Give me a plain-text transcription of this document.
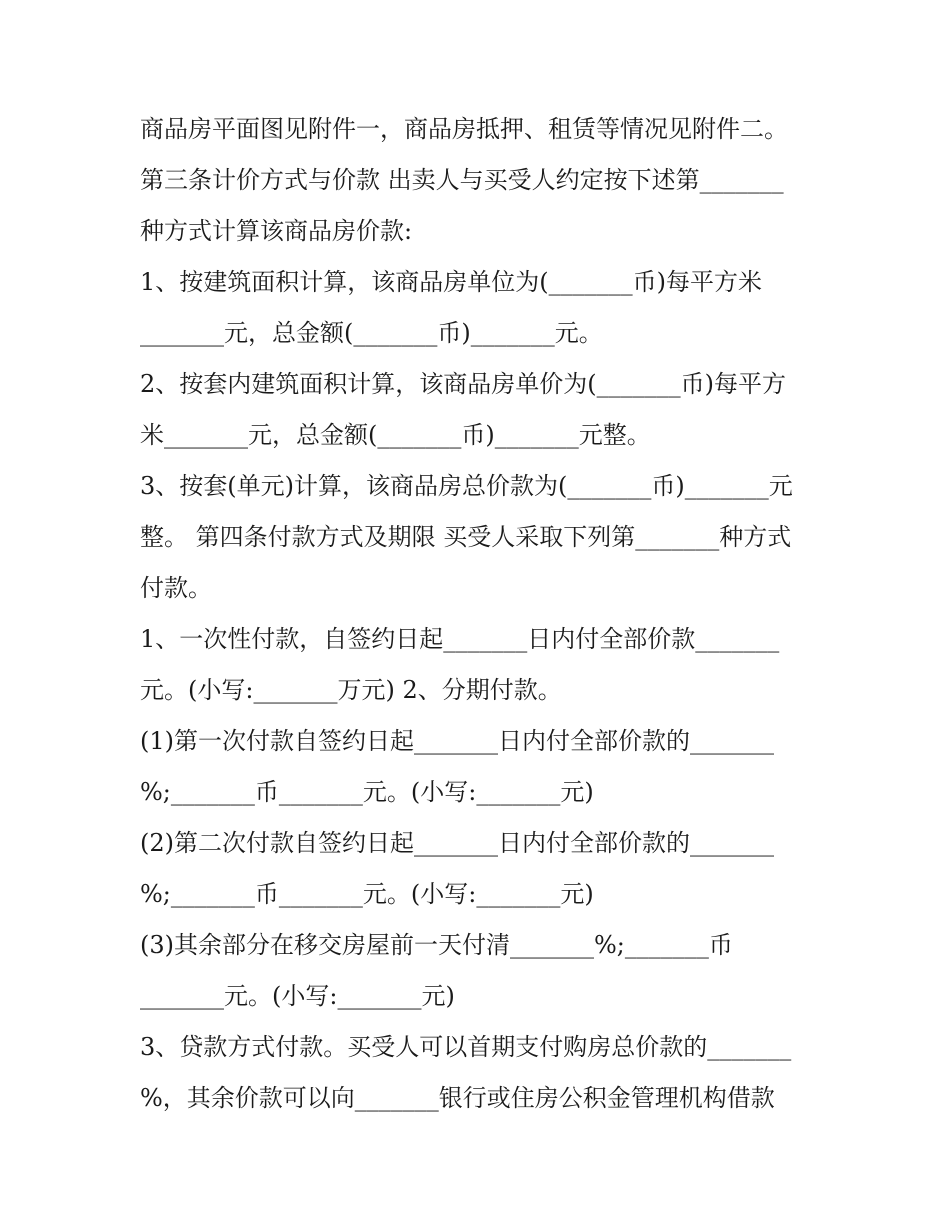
商品房平面图见附件一，商品房抵押、租赁等情况见附件二。
第三条计价方式与价款 出卖人与买受人约定按下述第_______
种方式计算该商品房价款:
1、按建筑面积计算，该商品房单位为(_______币)每平方米
_______元，总金额(_______币)_______元。
2、按套内建筑面积计算，该商品房单价为(_______币)每平方
米_______元，总金额(_______币)_______元整。
3、按套(单元)计算，该商品房总价款为(_______币)_______元
整。 第四条付款方式及期限 买受人采取下列第_______种方式
付款。
1、一次性付款，自签约日起_______日内付全部价款_______
元。(小写:_______万元) 2、分期付款。
(1)第一次付款自签约日起_______日内付全部价款的_______
%;_______币_______元。(小写:_______元)
(2)第二次付款自签约日起_______日内付全部价款的_______
%;_______币_______元。(小写:_______元)
(3)其余部分在移交房屋前一天付清_______%;_______币
_______元。(小写:_______元)
3、贷款方式付款。买受人可以首期支付购房总价款的_______
%，其余价款可以向_______银行或住房公积金管理机构借款
